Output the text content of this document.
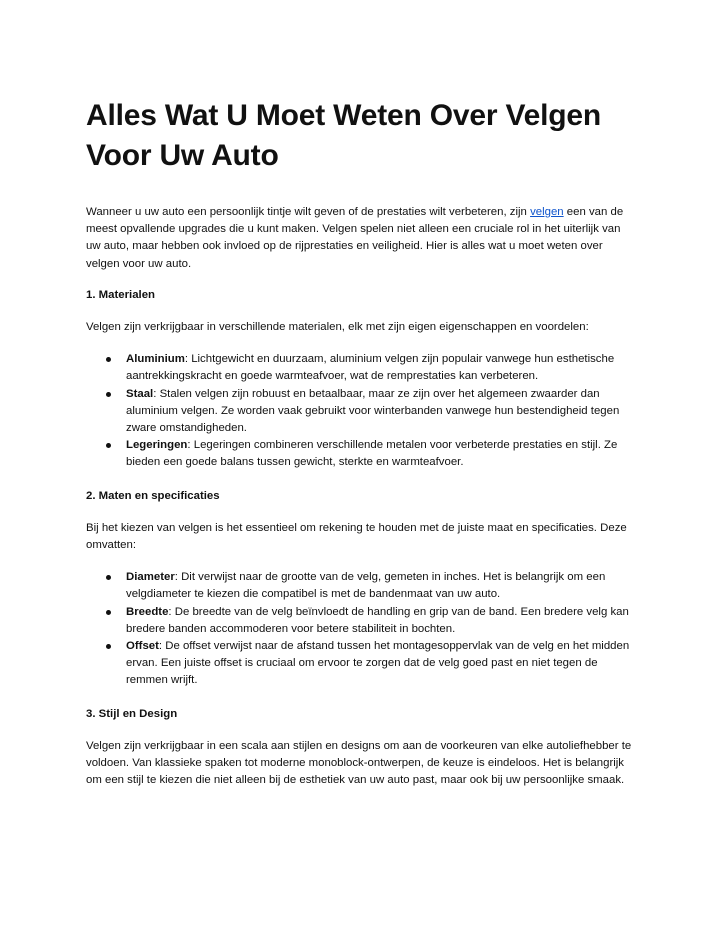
Alles Wat U Moet Weten Over Velgen Voor Uw Auto

Wanneer u uw auto een persoonlijk tintje wilt geven of de prestaties wilt verbeteren, zijn velgen een van de meest opvallende upgrades die u kunt maken. Velgen spelen niet alleen een cruciale rol in het uiterlijk van uw auto, maar hebben ook invloed op de rijprestaties en veiligheid. Hier is alles wat u moet weten over velgen voor uw auto.

1. Materialen

Velgen zijn verkrijgbaar in verschillende materialen, elk met zijn eigen eigenschappen en voordelen:

Aluminium: Lichtgewicht en duurzaam, aluminium velgen zijn populair vanwege hun esthetische aantrekkingskracht en goede warmteafvoer, wat de remprestaties kan verbeteren.
Staal: Stalen velgen zijn robuust en betaalbaar, maar ze zijn over het algemeen zwaarder dan aluminium velgen. Ze worden vaak gebruikt voor winterbanden vanwege hun bestendigheid tegen zware omstandigheden.
Legeringen: Legeringen combineren verschillende metalen voor verbeterde prestaties en stijl. Ze bieden een goede balans tussen gewicht, sterkte en warmteafvoer.
2. Maten en specificaties

Bij het kiezen van velgen is het essentieel om rekening te houden met de juiste maat en specificaties. Deze omvatten:

Diameter: Dit verwijst naar de grootte van de velg, gemeten in inches. Het is belangrijk om een velgdiameter te kiezen die compatibel is met de bandenmaat van uw auto.
Breedte: De breedte van de velg beïnvloedt de handling en grip van de band. Een bredere velg kan bredere banden accommoderen voor betere stabiliteit in bochten.
Offset: De offset verwijst naar de afstand tussen het montagesoppervlak van de velg en het midden ervan. Een juiste offset is cruciaal om ervoor te zorgen dat de velg goed past en niet tegen de remmen wrijft.
3. Stijl en Design

Velgen zijn verkrijgbaar in een scala aan stijlen en designs om aan de voorkeuren van elke autoliefhebber te voldoen. Van klassieke spaken tot moderne monoblock-ontwerpen, de keuze is eindeloos. Het is belangrijk om een stijl te kiezen die niet alleen bij de esthetiek van uw auto past, maar ook bij uw persoonlijke smaak.
